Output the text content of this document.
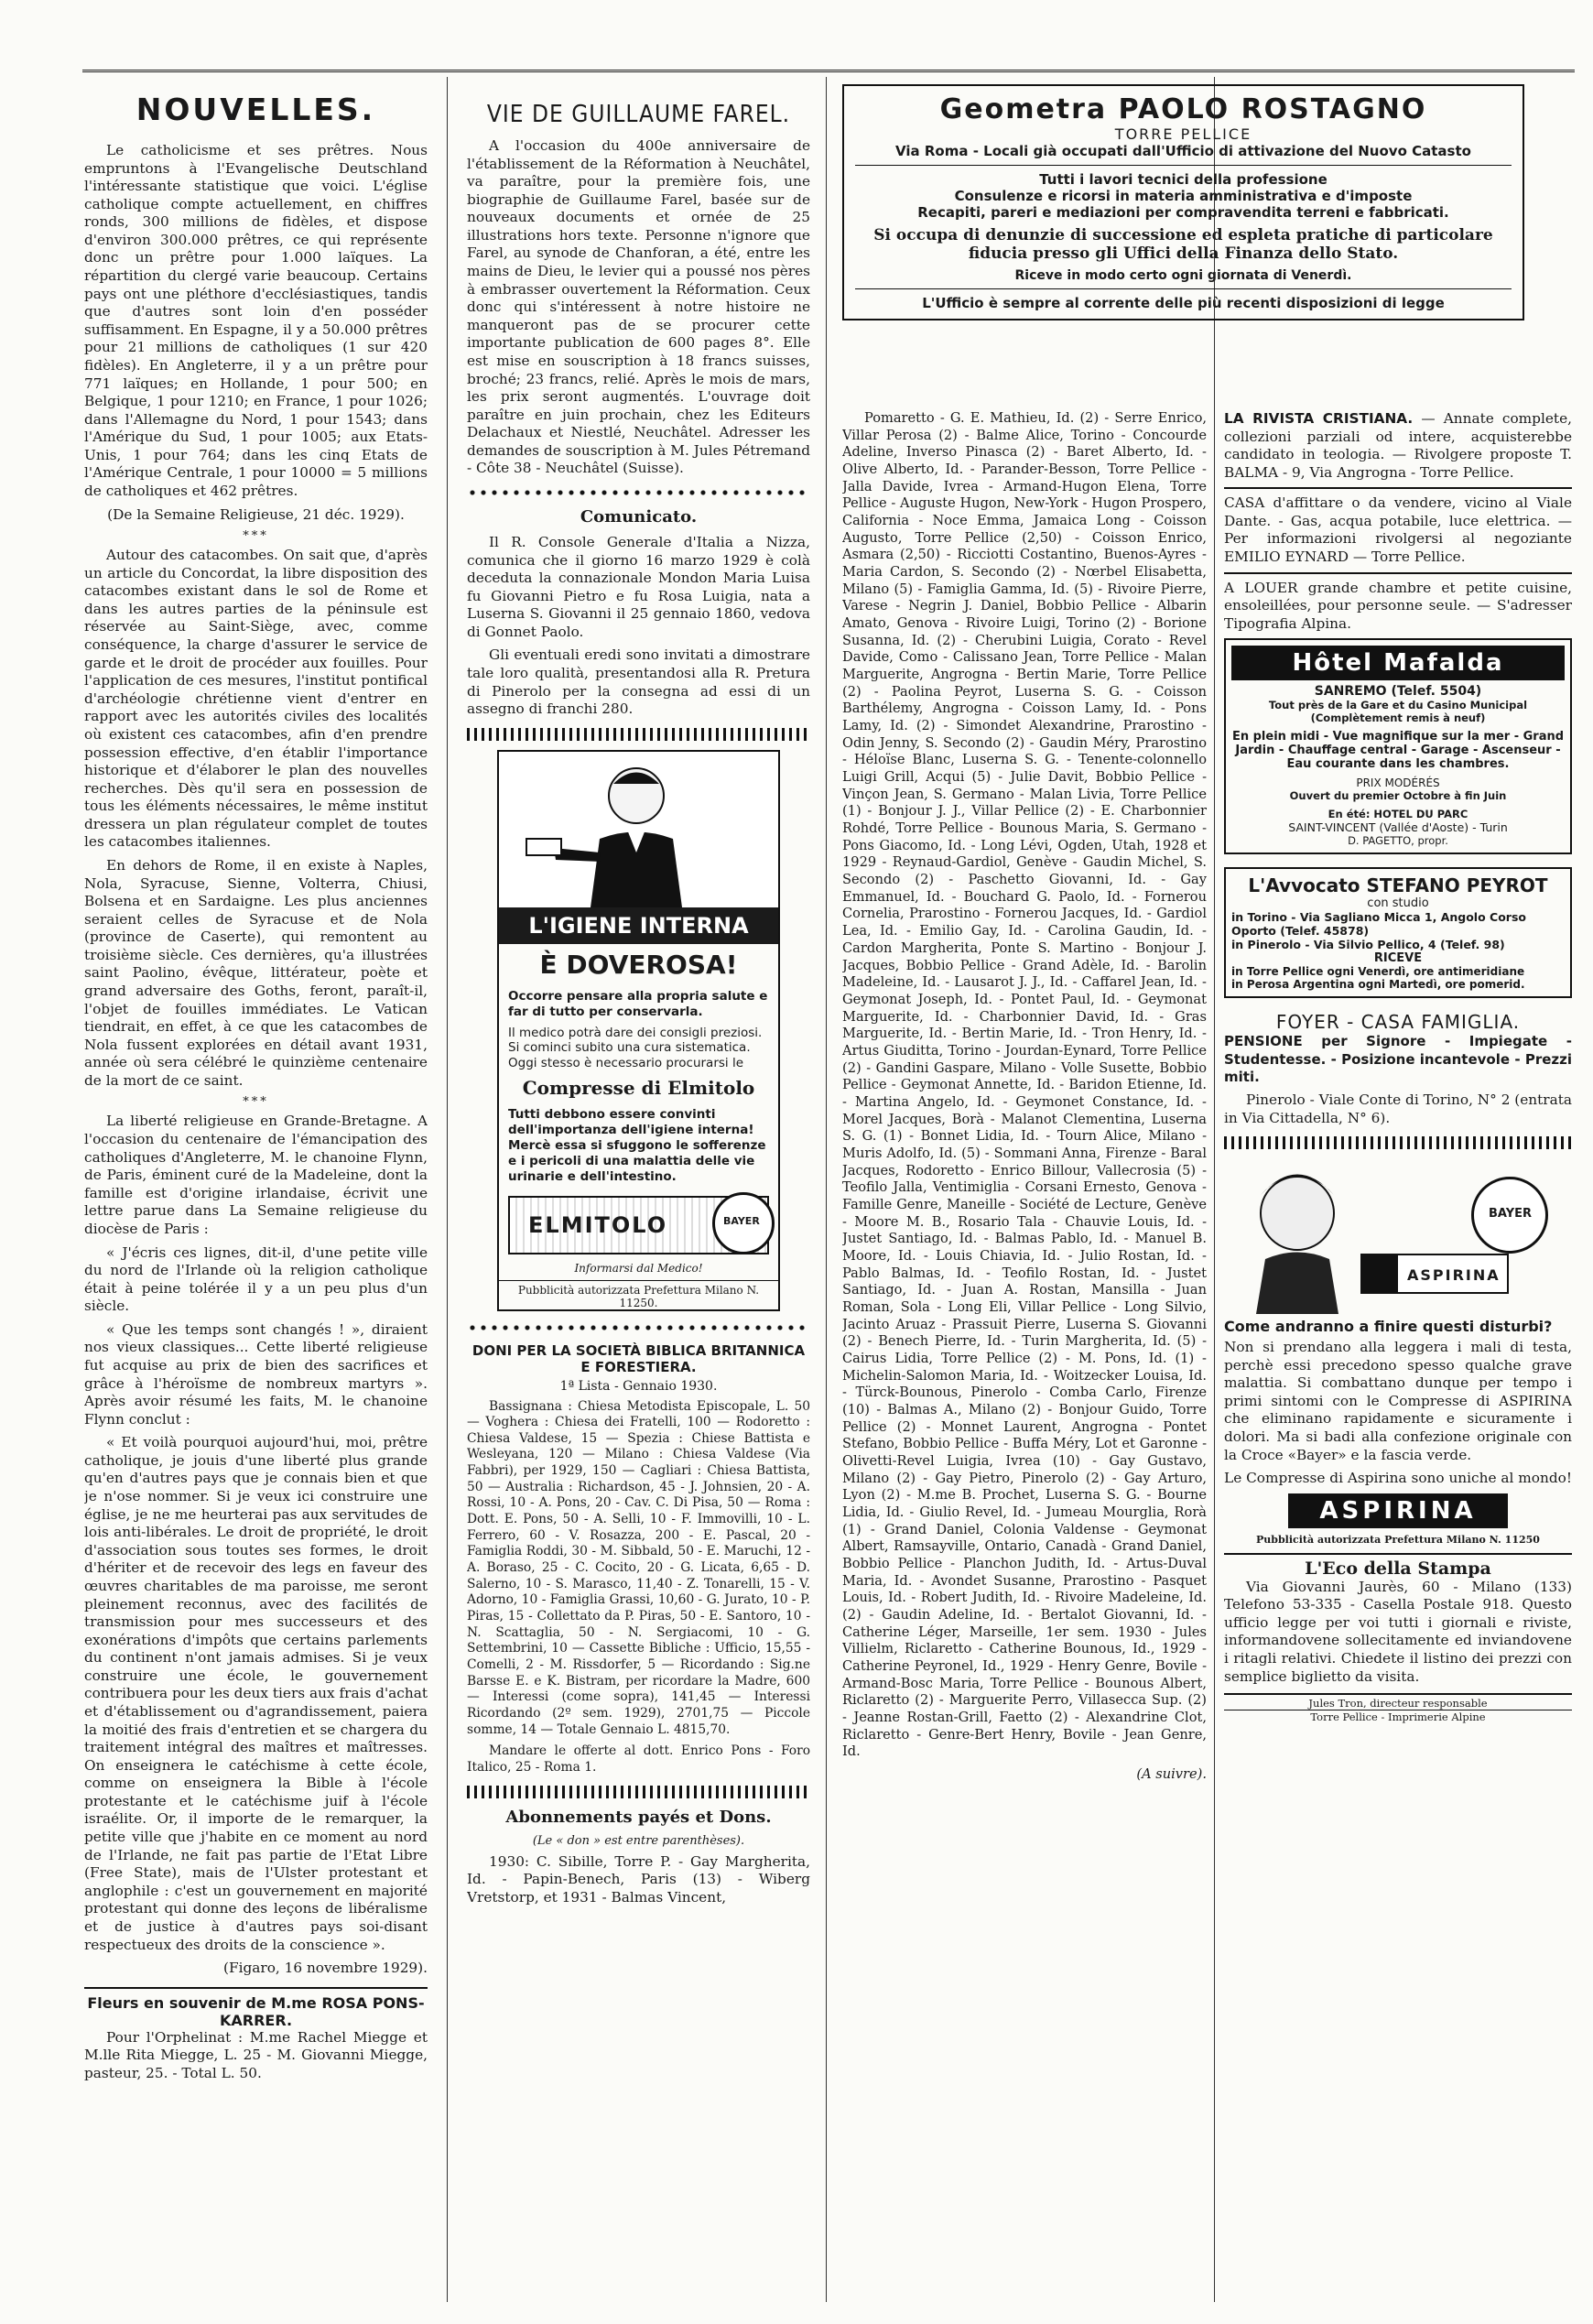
NOUVELLES.

Le catholicisme et ses prêtres. Nous empruntons à l'Evangelische Deutschland l'intéressante statistique que voici. L'église catholique compte actuellement, en chiffres ronds, 300 millions de fidèles, et dispose d'environ 300.000 prêtres, ce qui représente donc un prêtre pour 1.000 laïques. La répartition du clergé varie beaucoup. Certains pays ont une pléthore d'ecclésiastiques, tandis que d'autres sont loin d'en posséder suffisamment. En Espagne, il y a 50.000 prêtres pour 21 millions de catholiques (1 sur 420 fidèles). En Angleterre, il y a un prêtre pour 771 laïques; en Hollande, 1 pour 500; en Belgique, 1 pour 1210; en France, 1 pour 1026; dans l'Allemagne du Nord, 1 pour 1543; dans l'Amérique du Sud, 1 pour 1005; aux Etats-Unis, 1 pour 764; dans les cinq Etats de l'Amérique Centrale, 1 pour 10000 = 5 millions de catholiques et 462 prêtres.

(De la Semaine Religieuse, 21 déc. 1929).

***

Autour des catacombes. On sait que, d'après un article du Concordat, la libre disposition des catacombes existant dans le sol de Rome et dans les autres parties de la péninsule est réservée au Saint-Siège, avec, comme conséquence, la charge d'assurer le service de garde et le droit de procéder aux fouilles. Pour l'application de ces mesures, l'institut pontifical d'archéologie chrétienne vient d'entrer en rapport avec les autorités civiles des localités où existent ces catacombes, afin d'en prendre possession effective, d'en établir l'importance historique et d'élaborer le plan des nouvelles recherches. Dès qu'il sera en possession de tous les éléments nécessaires, le même institut dressera un plan régulateur complet de toutes les catacombes italiennes.

En dehors de Rome, il en existe à Naples, Nola, Syracuse, Sienne, Volterra, Chiusi, Bolsena et en Sardaigne. Les plus anciennes seraient celles de Syracuse et de Nola (province de Caserte), qui remontent au troisième siècle. Ces dernières, qu'a illustrées saint Paolino, évêque, littérateur, poète et grand adversaire des Goths, feront, paraît-il, l'objet de fouilles immédiates. Le Vatican tiendrait, en effet, à ce que les catacombes de Nola fussent explorées en détail avant 1931, année où sera célébré le quinzième centenaire de la mort de ce saint.

***

La liberté religieuse en Grande-Bretagne. A l'occasion du centenaire de l'émancipation des catholiques d'Angleterre, M. le chanoine Flynn, de Paris, éminent curé de la Madeleine, dont la famille est d'origine irlandaise, écrivit une lettre parue dans La Semaine religieuse du diocèse de Paris :

« J'écris ces lignes, dit-il, d'une petite ville du nord de l'Irlande où la religion catholique était à peine tolérée il y a un peu plus d'un siècle.

« Que les temps sont changés ! », diraient nos vieux classiques... Cette liberté religieuse fut acquise au prix de bien des sacrifices et grâce à l'héroïsme de nombreux martyrs ». Après avoir résumé les faits, M. le chanoine Flynn conclut :

« Et voilà pourquoi aujourd'hui, moi, prêtre catholique, je jouis d'une liberté plus grande qu'en d'autres pays que je connais bien et que je n'ose nommer. Si je veux ici construire une église, je ne me heurterai pas aux servitudes de lois anti-libérales. Le droit de propriété, le droit d'association sous toutes ses formes, le droit d'hériter et de recevoir des legs en faveur des œuvres charitables de ma paroisse, me seront pleinement reconnus, avec des facilités de transmission pour mes successeurs et des exonérations d'impôts que certains parlements du continent n'ont jamais admises. Si je veux construire une école, le gouvernement contribuera pour les deux tiers aux frais d'achat et d'établissement ou d'agrandissement, paiera la moitié des frais d'entretien et se chargera du traitement intégral des maîtres et maîtresses. On enseignera le catéchisme à cette école, comme on enseignera la Bible à l'école protestante et le catéchisme juif à l'école israélite. Or, il importe de le remarquer, la petite ville que j'habite en ce moment au nord de l'Irlande, ne fait pas partie de l'Etat Libre (Free State), mais de l'Ulster protestant et anglophile : c'est un gouvernement en majorité protestant qui donne des leçons de libéralisme et de justice à d'autres pays soi-disant respectueux des droits de la conscience ».

(Figaro, 16 novembre 1929).

Fleurs en souvenir de M.me ROSA PONS-KARRER.

Pour l'Orphelinat : M.me Rachel Miegge et M.lle Rita Miegge, L. 25 - M. Giovanni Miegge, pasteur, 25. - Total L. 50.

VIE DE GUILLAUME FAREL.

A l'occasion du 400e anniversaire de l'établissement de la Réformation à Neuchâtel, va paraître, pour la première fois, une biographie de Guillaume Farel, basée sur de nouveaux documents et ornée de 25 illustrations hors texte. Personne n'ignore que Farel, au synode de Chanforan, a été, entre les mains de Dieu, le levier qui a poussé nos pères à embrasser ouvertement la Réformation. Ceux donc qui s'intéressent à notre histoire ne manqueront pas de se procurer cette importante publication de 600 pages 8°. Elle est mise en souscription à 18 francs suisses, broché; 23 francs, relié. Après le mois de mars, les prix seront augmentés. L'ouvrage doit paraître en juin prochain, chez les Editeurs Delachaux et Niestlé, Neuchâtel. Adresser les demandes de souscription à M. Jules Pétremand - Côte 38 - Neuchâtel (Suisse).

Comunicato.

Il R. Console Generale d'Italia a Nizza, comunica che il giorno 16 marzo 1929 è colà deceduta la connazionale Mondon Maria Luisa fu Giovanni Pietro e fu Rosa Luigia, nata a Luserna S. Giovanni il 25 gennaio 1860, vedova di Gonnet Paolo.

Gli eventuali eredi sono invitati a dimostrare tale loro qualità, presentandosi alla R. Pretura di Pinerolo per la consegna ad essi di un assegno di franchi 280.

L'IGIENE INTERNA
È DOVEROSA!
Occorre pensare alla propria salute e far di tutto per conservarla.
Il medico potrà dare dei consigli preziosi. Si cominci subito una cura sistematica. Oggi stesso è necessario procurarsi le
Compresse di Elmitolo
Tutti debbono essere convinti dell'importanza dell'igiene interna! Mercè essa si sfuggono le sofferenze e i pericoli di una malattia delle vie urinarie e dell'intestino.
ELMITOLO	BAYER
Informarsi dal Medico!
Pubblicità autorizzata Prefettura Milano N. 11250.
DONI PER LA SOCIETÀ BIBLICA BRITANNICA E FORESTIERA.
1ª Lista - Gennaio 1930.

Bassignana : Chiesa Metodista Episcopale, L. 50 — Voghera : Chiesa dei Fratelli, 100 — Rodoretto : Chiesa Valdese, 15 — Spezia : Chiese Battista e Wesleyana, 120 — Milano : Chiesa Valdese (Via Fabbri), per 1929, 150 — Cagliari : Chiesa Battista, 50 — Australia : Richardson, 45 - J. Johnsien, 20 - A. Rossi, 10 - A. Pons, 20 - Cav. C. Di Pisa, 50 — Roma : Dott. E. Pons, 50 - A. Selli, 10 - F. Immovilli, 10 - L. Ferrero, 60 - V. Rosazza, 200 - E. Pascal, 20 - Famiglia Roddi, 30 - M. Sibbald, 50 - E. Maruchi, 12 - A. Boraso, 25 - C. Cocito, 20 - G. Licata, 6,65 - D. Salerno, 10 - S. Marasco, 11,40 - Z. Tonarelli, 15 - V. Adorno, 10 - Famiglia Grassi, 10,60 - G. Jurato, 10 - P. Piras, 15 - Collettato da P. Piras, 50 - E. Santoro, 10 - N. Scattaglia, 50 - N. Sergiacomi, 10 - G. Settembrini, 10 — Cassette Bibliche : Ufficio, 15,55 - Comelli, 2 - M. Rissdorfer, 5 — Ricordando : Sig.ne Barsse E. e K. Bistram, per ricordare la Madre, 600 — Interessi (come sopra), 141,45 — Interessi Ricordando (2º sem. 1929), 2701,75 — Piccole somme, 14 — Totale Gennaio L. 4815,70.

Mandare le offerte al dott. Enrico Pons - Foro Italico, 25 - Roma 1.

Abonnements payés et Dons.
(Le « don » est entre parenthèses).

1930: C. Sibille, Torre P. - Gay Margherita, Id. - Papin-Benech, Paris (13) - Wiberg Vretstorp, et 1931 - Balmas Vincent,

Geometra PAOLO ROSTAGNO
TORRE PELLICE
Via Roma - Locali già occupati dall'Ufficio di attivazione del Nuovo Catasto
Tutti i lavori tecnici della professione
Consulenze e ricorsi in materia amministrativa e d'imposte
Recapiti, pareri e mediazioni per compravendita terreni e fabbricati.
Si occupa di denunzie di successione ed espleta pratiche di particolare fiducia presso gli Uffici della Finanza dello Stato.
Riceve in modo certo ogni giornata di Venerdì.
L'Ufficio è sempre al corrente delle più recenti disposizioni di legge

Pomaretto - G. E. Mathieu, Id. (2) - Serre Enrico, Villar Perosa (2) - Balme Alice, Torino - Concourde Adeline, Inverso Pinasca (2) - Baret Alberto, Id. - Olive Alberto, Id. - Parander-Besson, Torre Pellice - Jalla Davide, Ivrea - Armand-Hugon Elena, Torre Pellice - Auguste Hugon, New-York - Hugon Prospero, California - Noce Emma, Jamaica Long - Coisson Augusto, Torre Pellice (2,50) - Coisson Enrico, Asmara (2,50) - Ricciotti Costantino, Buenos-Ayres - Maria Cardon, S. Secondo (2) - Nœrbel Elisabetta, Milano (5) - Famiglia Gamma, Id. (5) - Rivoire Pierre, Varese - Negrin J. Daniel, Bobbio Pellice - Albarin Amato, Genova - Rivoire Luigi, Torino (2) - Borione Susanna, Id. (2) - Cherubini Luigia, Corato - Revel Davide, Como - Calissano Jean, Torre Pellice - Malan Marguerite, Angrogna - Bertin Marie, Torre Pellice (2) - Paolina Peyrot, Luserna S. G. - Coisson Barthélemy, Angrogna - Coisson Lamy, Id. - Pons Lamy, Id. (2) - Simondet Alexandrine, Prarostino - Odin Jenny, S. Secondo (2) - Gaudin Méry, Prarostino - Héloïse Blanc, Luserna S. G. - Tenente-colonnello Luigi Grill, Acqui (5) - Julie Davit, Bobbio Pellice - Vinçon Jean, S. Germano - Malan Livia, Torre Pellice (1) - Bonjour J. J., Villar Pellice (2) - E. Charbonnier Rohdé, Torre Pellice - Bounous Maria, S. Germano - Pons Giacomo, Id. - Long Lévi, Ogden, Utah, 1928 et 1929 - Reynaud-Gardiol, Genève - Gaudin Michel, S. Secondo (2) - Paschetto Giovanni, Id. - Gay Emmanuel, Id. - Bouchard G. Paolo, Id. - Fornerou Cornelia, Prarostino - Fornerou Jacques, Id. - Gardiol Lea, Id. - Emilio Gay, Id. - Carolina Gaudin, Id. - Cardon Margherita, Ponte S. Martino - Bonjour J. Jacques, Bobbio Pellice - Grand Adèle, Id. - Barolin Madeleine, Id. - Lausarot J. J., Id. - Caffarel Jean, Id. - Geymonat Joseph, Id. - Pontet Paul, Id. - Geymonat Marguerite, Id. - Charbonnier David, Id. - Gras Marguerite, Id. - Bertin Marie, Id. - Tron Henry, Id. - Artus Giuditta, Torino - Jourdan-Eynard, Torre Pellice (2) - Gandini Gaspare, Milano - Volle Susette, Bobbio Pellice - Geymonat Annette, Id. - Baridon Etienne, Id. - Martina Angelo, Id. - Geymonet Constance, Id. - Morel Jacques, Borà - Malanot Clementina, Luserna S. G. (1) - Bonnet Lidia, Id. - Tourn Alice, Milano - Muris Adolfo, Id. (5) - Sommani Anna, Firenze - Baral Jacques, Rodoretto - Enrico Billour, Vallecrosia (5) - Teofilo Jalla, Ventimiglia - Corsani Ernesto, Genova - Famille Genre, Maneille - Société de Lecture, Genève - Moore M. B., Rosario Tala - Chauvie Louis, Id. - Justet Santiago, Id. - Balmas Pablo, Id. - Manuel B. Moore, Id. - Louis Chiavia, Id. - Julio Rostan, Id. - Pablo Balmas, Id. - Teofilo Rostan, Id. - Justet Santiago, Id. - Juan A. Rostan, Mansilla - Juan Roman, Sola - Long Eli, Villar Pellice - Long Silvio, Jacinto Aruaz - Prassuit Pierre, Luserna S. Giovanni (2) - Benech Pierre, Id. - Turin Margherita, Id. (5) - Cairus Lidia, Torre Pellice (2) - M. Pons, Id. (1) - Michelin-Salomon Maria, Id. - Woitzecker Louisa, Id. - Türck-Bounous, Pinerolo - Comba Carlo, Firenze (10) - Balmas A., Milano (2) - Bonjour Guido, Torre Pellice (2) - Monnet Laurent, Angrogna - Pontet Stefano, Bobbio Pellice - Buffa Méry, Lot et Garonne - Olivetti-Revel Luigia, Ivrea (10) - Gay Gustavo, Milano (2) - Gay Pietro, Pinerolo (2) - Gay Arturo, Lyon (2) - M.me B. Prochet, Luserna S. G. - Bourne Lidia, Id. - Giulio Revel, Id. - Jumeau Mourglia, Rorà (1) - Grand Daniel, Colonia Valdense - Geymonat Albert, Ramsayville, Ontario, Canadà - Grand Daniel, Bobbio Pellice - Planchon Judith, Id. - Artus-Duval Maria, Id. - Avondet Susanne, Prarostino - Pasquet Louis, Id. - Robert Judith, Id. - Rivoire Madeleine, Id. (2) - Gaudin Adeline, Id. - Bertalot Giovanni, Id. - Catherine Léger, Marseille, 1er sem. 1930 - Jules Villielm, Riclaretto - Catherine Bounous, Id., 1929 - Catherine Peyronel, Id., 1929 - Henry Genre, Bovile - Armand-Bosc Maria, Torre Pellice - Bounous Albert, Riclaretto (2) - Marguerite Perro, Villasecca Sup. (2) - Jeanne Rostan-Grill, Faetto (2) - Alexandrine Clot, Riclaretto - Genre-Bert Henry, Bovile - Jean Genre, Id.

(A suivre).

LA RIVISTA CRISTIANA. — Annate complete, collezioni parziali od intere, acquisterebbe candidato in teologia. — Rivolgere proposte T. BALMA - 9, Via Angrogna - Torre Pellice.

CASA d'affittare o da vendere, vicino al Viale Dante. - Gas, acqua potabile, luce elettrica. — Per informazioni rivolgersi al negoziante EMILIO EYNARD — Torre Pellice.

A LOUER grande chambre et petite cuisine, ensoleillées, pour personne seule. — S'adresser Tipografia Alpina.

Hôtel Mafalda
SANREMO (Telef. 5504)
Tout près de la Gare et du Casino Municipal
(Complètement remis à neuf)
En plein midi - Vue magnifique sur la mer - Grand Jardin - Chauffage central - Garage - Ascenseur - Eau courante dans les chambres.
PRIX MODÉRÉS
Ouvert du premier Octobre à fin Juin
En été: HOTEL DU PARC
SAINT-VINCENT (Vallée d'Aoste) - Turin
D. PAGETTO, propr.
L'Avvocato STEFANO PEYROT
con studio
in Torino - Via Sagliano Micca 1, Angolo Corso Oporto (Telef. 45878)
in Pinerolo - Via Silvio Pellico, 4 (Telef. 98)
RICEVE
in Torre Pellice ogni Venerdì, ore antimeridiane
in Perosa Argentina ogni Martedì, ore pomerid.
FOYER - CASA FAMIGLIA.

PENSIONE per Signore - Impiegate - Studentesse. - Posizione incantevole - Prezzi miti.

Pinerolo - Viale Conte di Torino, N° 2 (entrata in Via Cittadella, N° 6).

ASPIRINA
BAYER
Come andranno a finire questi disturbi?

Non si prendano alla leggera i mali di testa, perchè essi precedono spesso qualche grave malattia. Si combattano dunque per tempo i primi sintomi con le Compresse di ASPIRINA che eliminano rapidamente e sicuramente i dolori. Ma si badi alla confezione originale con la Croce «Bayer» e la fascia verde.

Le Compresse di Aspirina sono uniche al mondo!

ASPIRINA
Pubblicità autorizzata Prefettura Milano N. 11250
L'Eco della Stampa

Via Giovanni Jaurès, 60 - Milano (133) Telefono 53-335 - Casella Postale 918. Questo ufficio legge per voi tutti i giornali e riviste, informandovene sollecitamente ed inviandovene i ritagli relativi. Chiedete il listino dei prezzi con semplice biglietto da visita.

Jules Tron, directeur responsable
Torre Pellice - Imprimerie Alpine
